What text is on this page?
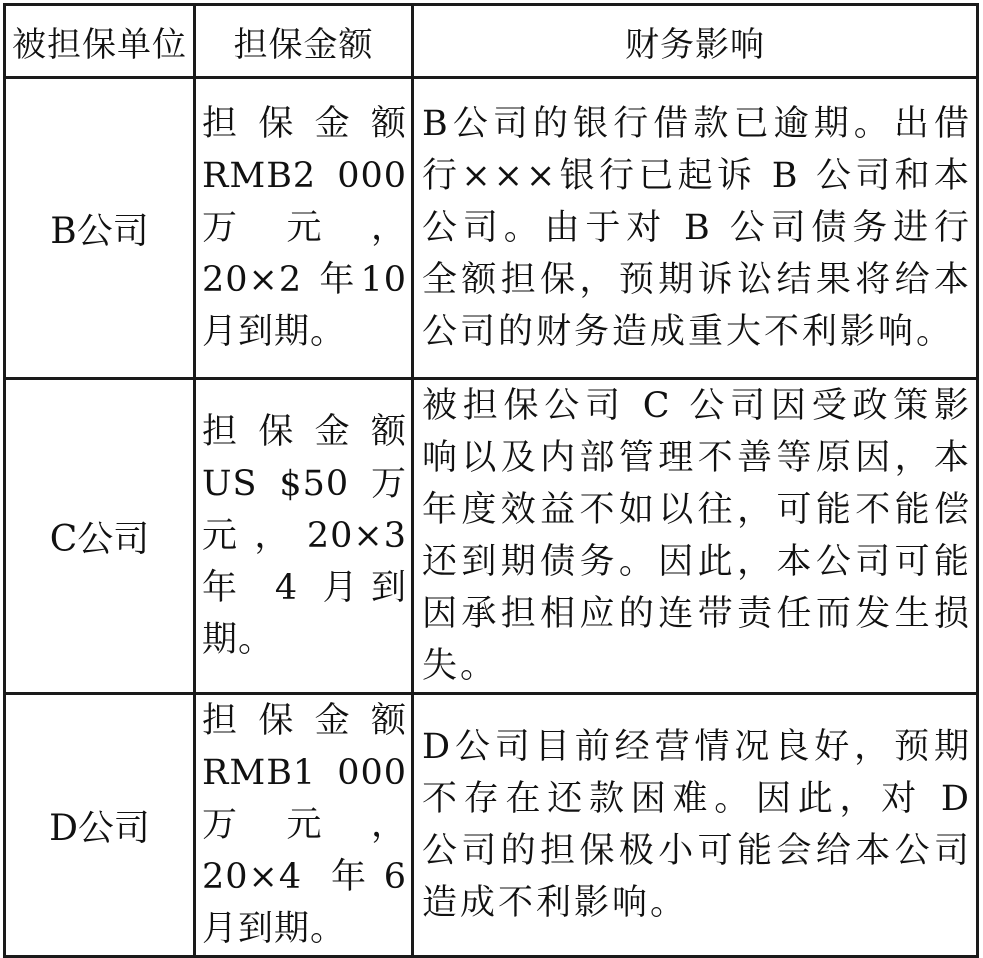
被担保单位	担保金额	财务影响
B公司	担 保 金 额 RMB2 000 万元，20×2 年10 月到期。	B公司的银行借款已逾期。出借行×××银行已起诉 B 公司和本公司。由于对 B 公司债务进行全额担保，预期诉讼结果将给本公司的财务造成重大不利影响。
C公司	担保金额 US $50 万 元，20×3 年 4 月到期。	被担保公司 C 公司因受政策影响以及内部管理不善等原因，本年度效益不如以往，可能不能偿还到期债务。因此，本公司可能因承担相应的连带责任而发生损失。
D公司	担 保 金 额 RMB1 000 万元，20×4 年6 月到期。	D公司目前经营情况良好，预期不存在还款困难。因此，对 D 公司的担保极小可能会给本公司造成不利影响。
